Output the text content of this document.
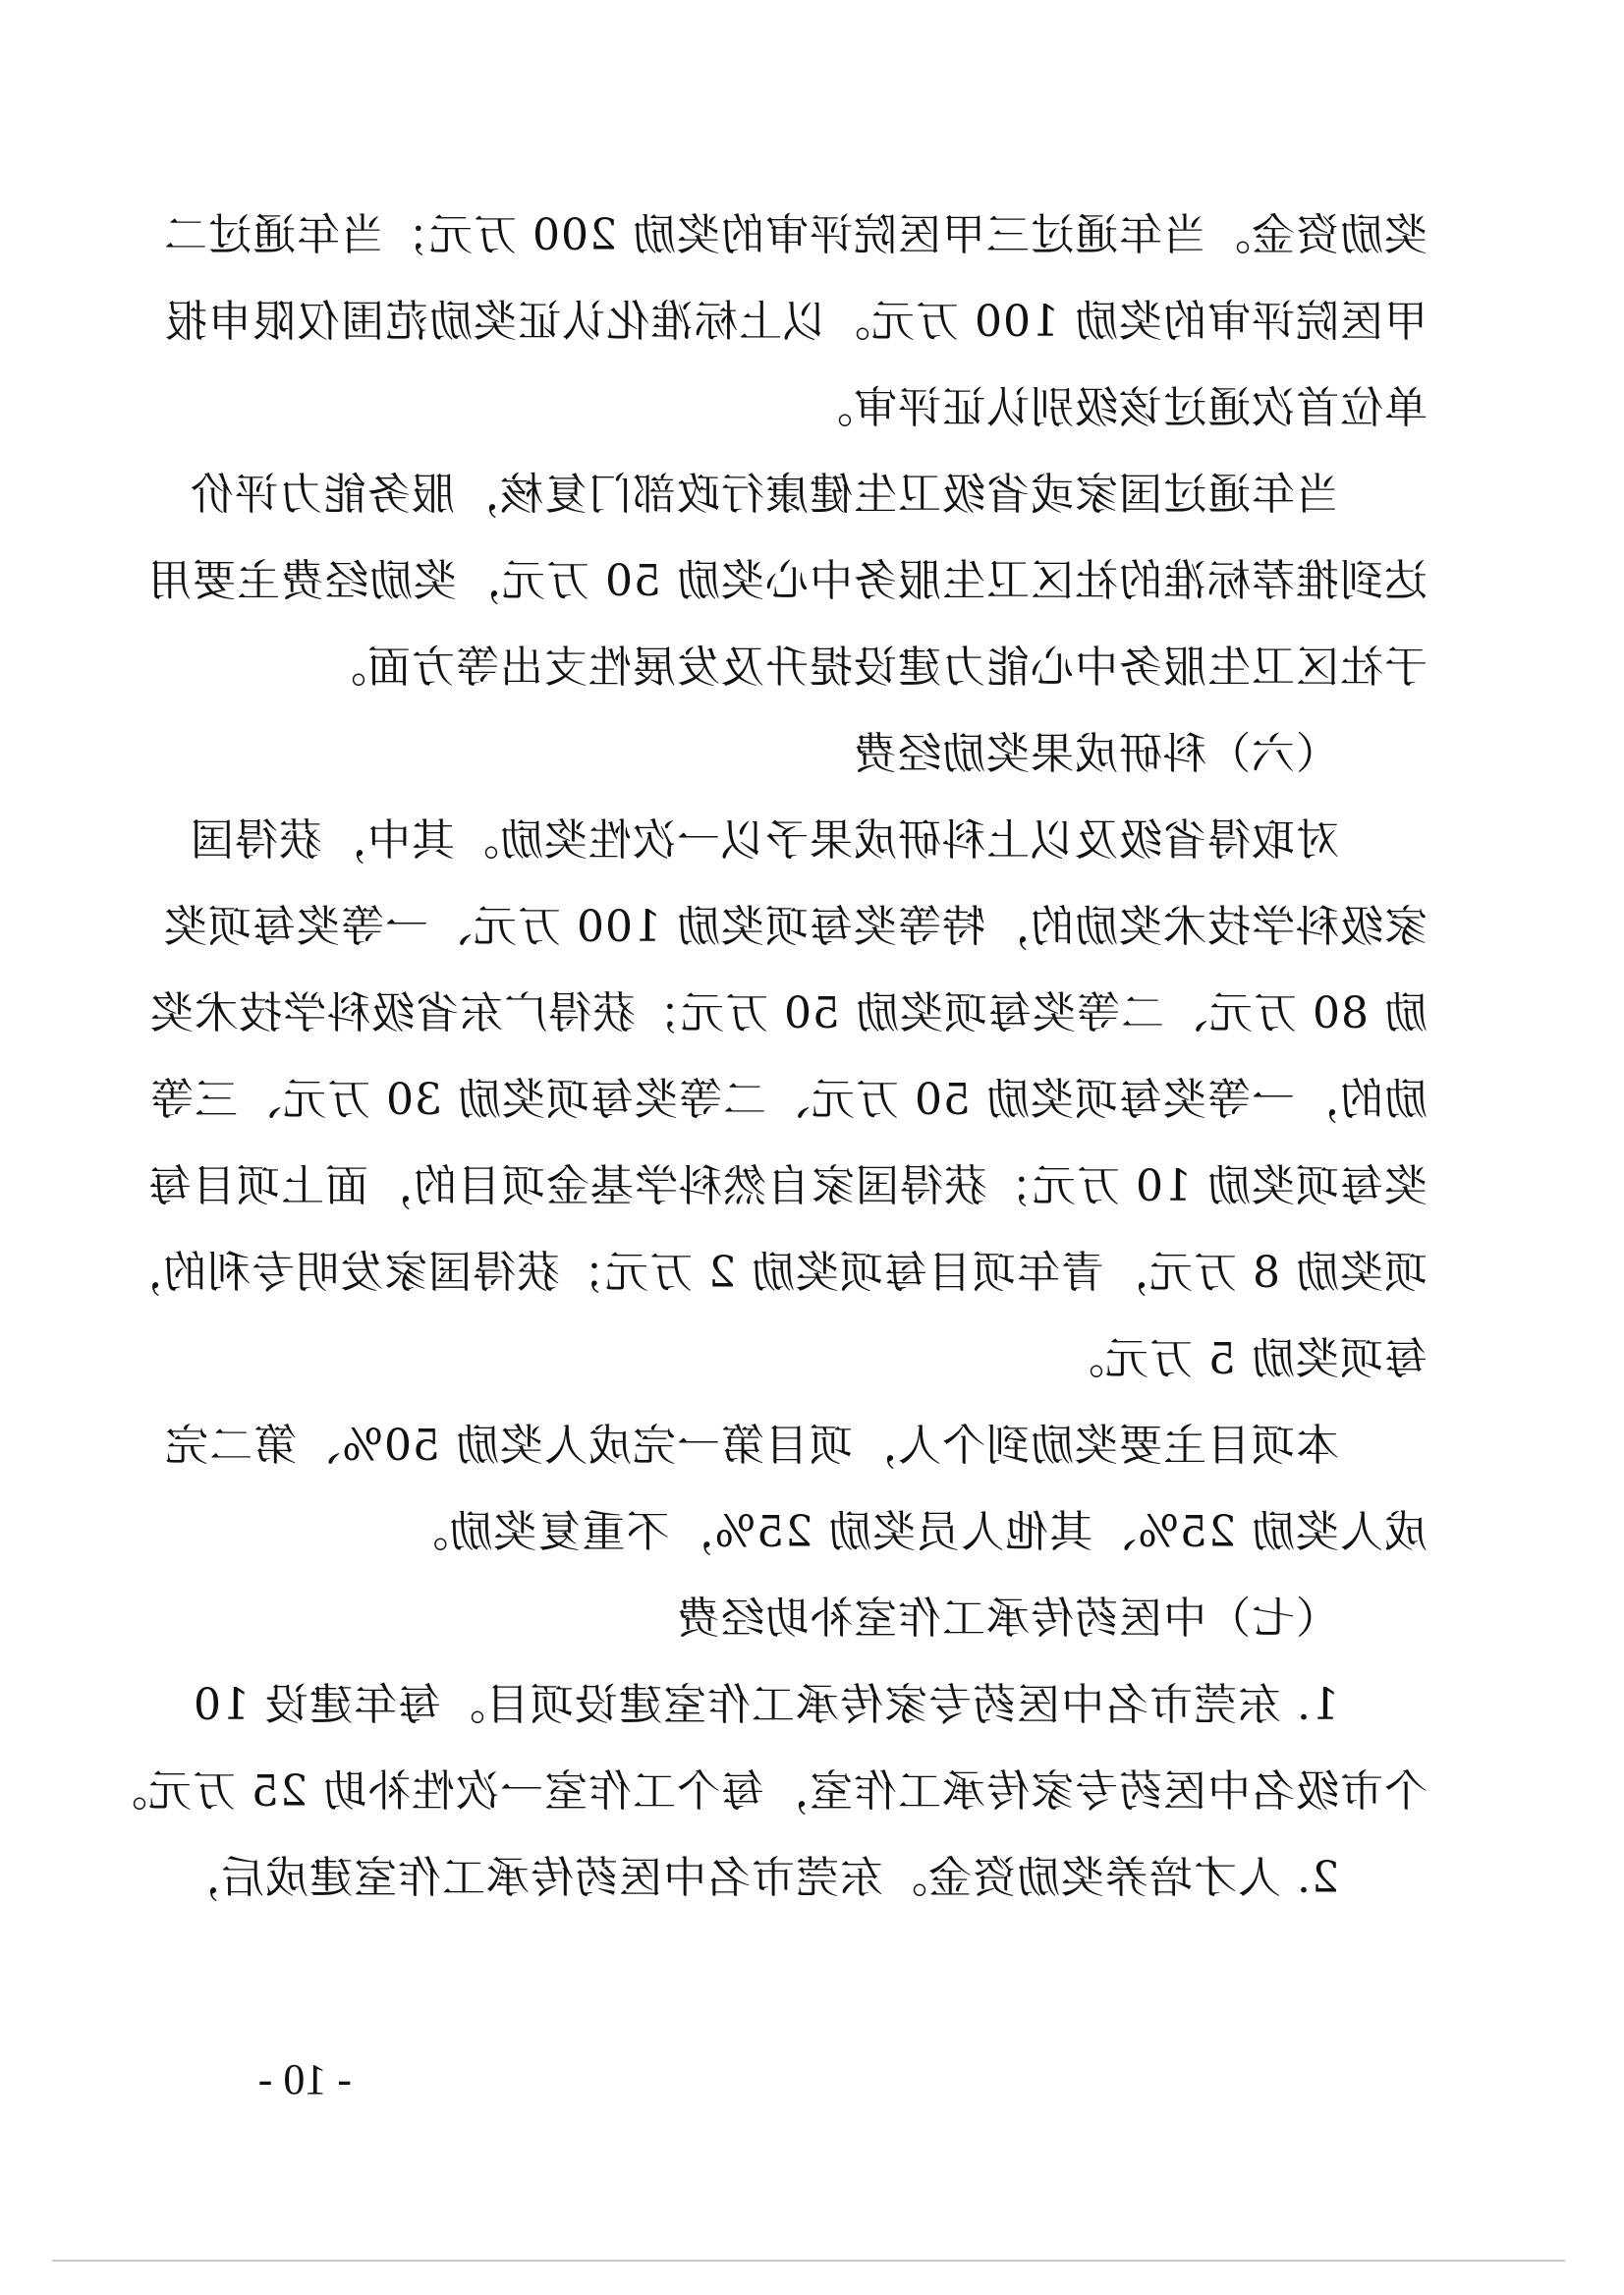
奖励资金。当年通过三甲医院评审的奖励 200 万元；当年通过二
甲医院评审的奖励 100 万元。以上标准化认证奖励范围仅限申报
单位首次通过该级别认证评审。
当年通过国家或省级卫生健康行政部门复核，服务能力评价
达到推荐标准的社区卫生服务中心奖励 50 万元，奖励经费主要用
于社区卫生服务中心能力建设提升及发展性支出等方面。
（六）科研成果奖励经费
对取得省级及以上科研成果予以一次性奖励。其中，获得国
家级科学技术奖励的，特等奖每项奖励 100 万元、一等奖每项奖
励 80 万元、二等奖每项奖励 50 万元；获得广东省级科学技术奖
励的，一等奖每项奖励 50 万元、二等奖每项奖励 30 万元、三等
奖每项奖励 10 万元；获得国家自然科学基金项目的，面上项目每
项奖励 8 万元，青年项目每项奖励 2 万元；获得国家发明专利的，
每项奖励 5 万元。
本项目主要奖励到个人，项目第一完成人奖励 50%、第二完
成人奖励 25%、其他人员奖励 25%，不重复奖励。
（七）中医药传承工作室补助经费
1. 东莞市名中医药专家传承工作室建设项目。每年建设 10
个市级名中医药专家传承工作室，每个工作室一次性补助 25 万元。
2. 人才培养奖励资金。东莞市名中医药传承工作室建成后，
- 10 -
